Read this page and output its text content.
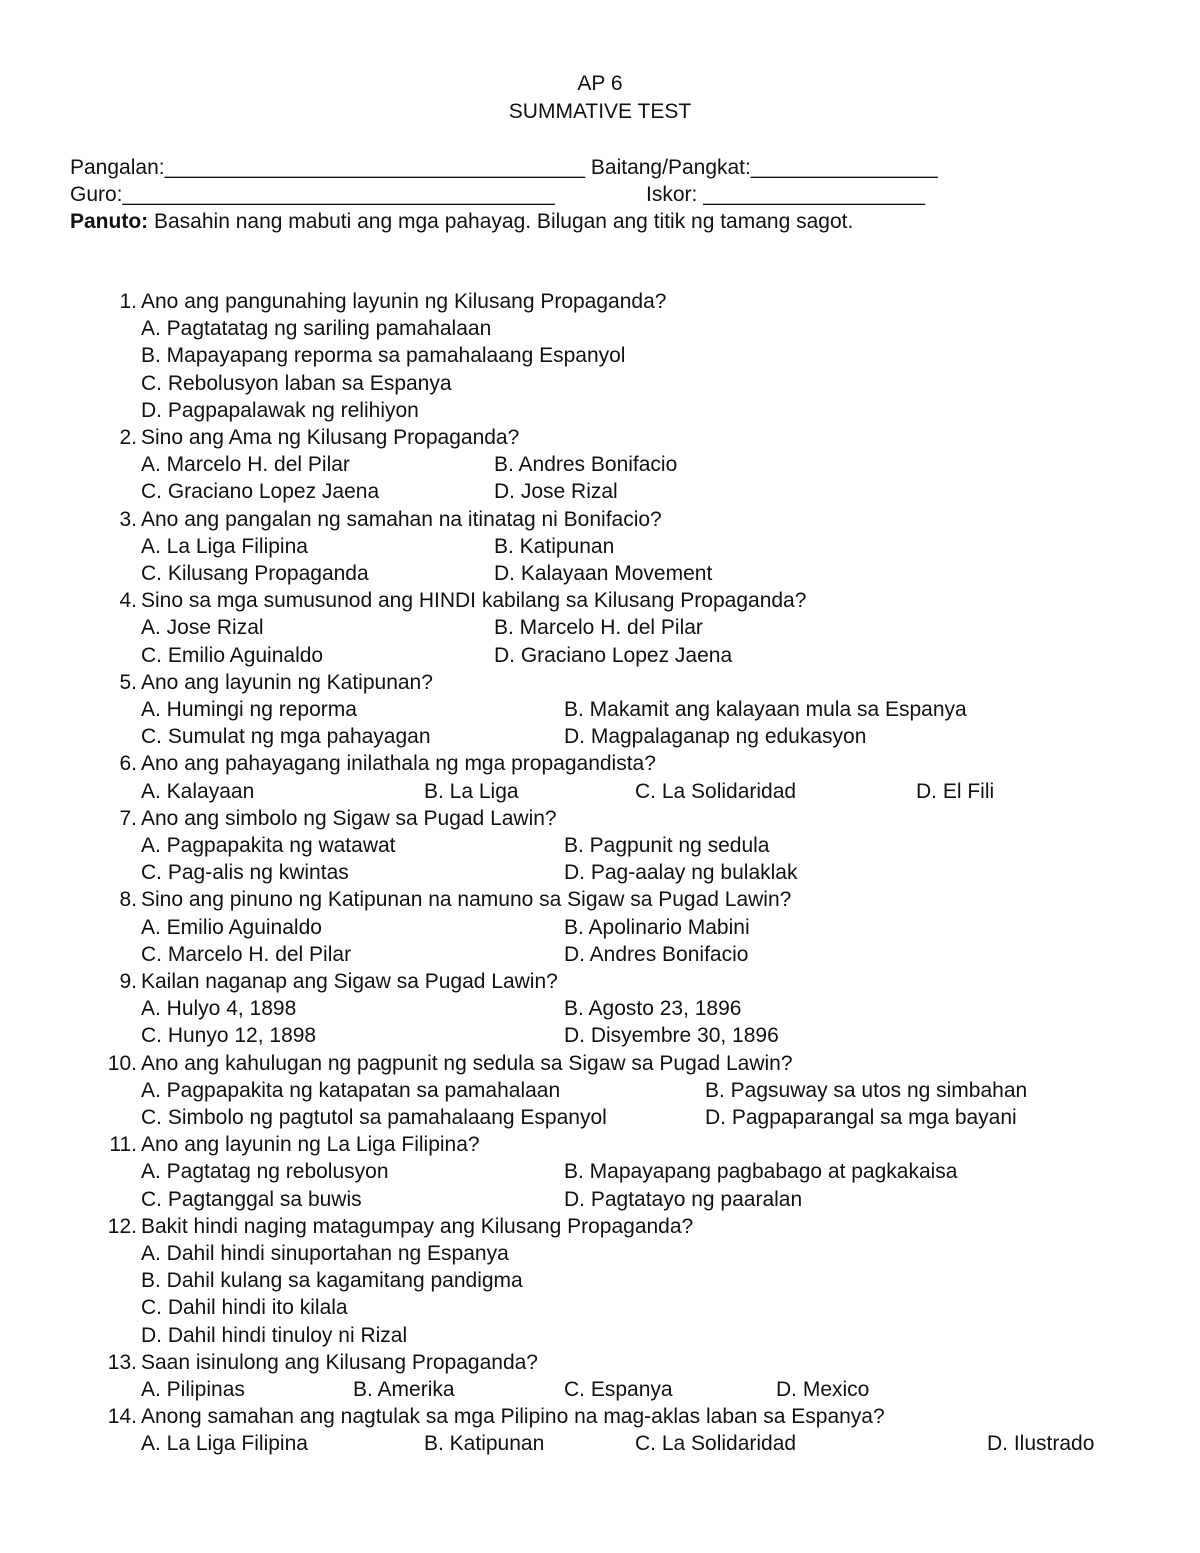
AP 6
SUMMATIVE TEST
Pangalan:____________________________________ Baitang/Pangkat:________________
Guro:_____________________________________	Iskor: ___________________
Panuto: Basahin nang mabuti ang mga pahayag. Bilugan ang titik ng tamang sagot.
1. Ano ang pangunahing layunin ng Kilusang Propaganda?
A. Pagtatatag ng sariling pamahalaan
B. Mapayapang reporma sa pamahalaang Espanyol
C. Rebolusyon laban sa Espanya
D. Pagpapalawak ng relihiyon
2. Sino ang Ama ng Kilusang Propaganda?
A. Marcelo H. del Pilar	B. Andres Bonifacio
C. Graciano Lopez Jaena	D. Jose Rizal
3. Ano ang pangalan ng samahan na itinatag ni Bonifacio?
A. La Liga Filipina	B. Katipunan
C. Kilusang Propaganda	D. Kalayaan Movement
4. Sino sa mga sumusunod ang HINDI kabilang sa Kilusang Propaganda?
A. Jose Rizal	B. Marcelo H. del Pilar
C. Emilio Aguinaldo	D. Graciano Lopez Jaena
5. Ano ang layunin ng Katipunan?
A. Humingi ng reporma	B. Makamit ang kalayaan mula sa Espanya
C. Sumulat ng mga pahayagan	D. Magpalaganap ng edukasyon
6. Ano ang pahayagang inilathala ng mga propagandista?
A. Kalayaan	B. La Liga	C. La Solidaridad	D. El Fili
7. Ano ang simbolo ng Sigaw sa Pugad Lawin?
A. Pagpapakita ng watawat	B. Pagpunit ng sedula
C. Pag-alis ng kwintas	D. Pag-aalay ng bulaklak
8. Sino ang pinuno ng Katipunan na namuno sa Sigaw sa Pugad Lawin?
A. Emilio Aguinaldo	B. Apolinario Mabini
C. Marcelo H. del Pilar	D. Andres Bonifacio
9. Kailan naganap ang Sigaw sa Pugad Lawin?
A. Hulyo 4, 1898	B. Agosto 23, 1896
C. Hunyo 12, 1898	D. Disyembre 30, 1896
10. Ano ang kahulugan ng pagpunit ng sedula sa Sigaw sa Pugad Lawin?
A. Pagpapakita ng katapatan sa pamahalaan	B. Pagsuway sa utos ng simbahan
C. Simbolo ng pagtutol sa pamahalaang Espanyol	D. Pagpaparangal sa mga bayani
11. Ano ang layunin ng La Liga Filipina?
A. Pagtatag ng rebolusyon	B. Mapayapang pagbabago at pagkakaisa
C. Pagtanggal sa buwis	D. Pagtatayo ng paaralan
12. Bakit hindi naging matagumpay ang Kilusang Propaganda?
A. Dahil hindi sinuportahan ng Espanya
B. Dahil kulang sa kagamitang pandigma
C. Dahil hindi ito kilala
D. Dahil hindi tinuloy ni Rizal
13. Saan isinulong ang Kilusang Propaganda?
A. Pilipinas	B. Amerika	C. Espanya	D. Mexico
14. Anong samahan ang nagtulak sa mga Pilipino na mag-aklas laban sa Espanya?
A. La Liga Filipina	B. Katipunan	C. La Solidaridad	D. Ilustrado
